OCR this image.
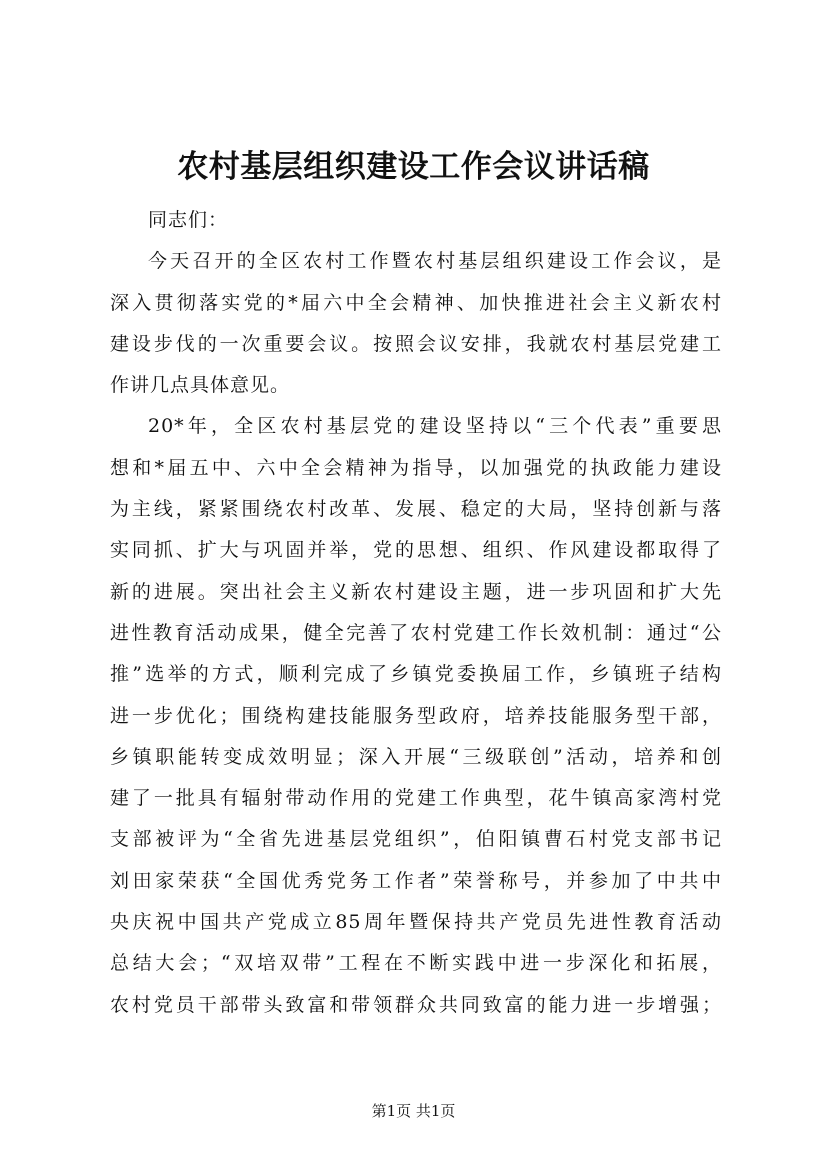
农村基层组织建设工作会议讲话稿
同志们：
今天召开的全区农村工作暨农村基层组织建设工作会议，是
深入贯彻落实党的*届六中全会精神、加快推进社会主义新农村
建设步伐的一次重要会议。按照会议安排，我就农村基层党建工
作讲几点具体意见。
20*年，全区农村基层党的建设坚持以“三个代表”重要思
想和*届五中、六中全会精神为指导，以加强党的执政能力建设
为主线，紧紧围绕农村改革、发展、稳定的大局，坚持创新与落
实同抓、扩大与巩固并举，党的思想、组织、作风建设都取得了
新的进展。突出社会主义新农村建设主题，进一步巩固和扩大先
进性教育活动成果，健全完善了农村党建工作长效机制：通过“公
推”选举的方式，顺利完成了乡镇党委换届工作，乡镇班子结构
进一步优化；围绕构建技能服务型政府，培养技能服务型干部，
乡镇职能转变成效明显；深入开展“三级联创”活动，培养和创
建了一批具有辐射带动作用的党建工作典型，花牛镇高家湾村党
支部被评为“全省先进基层党组织”，伯阳镇曹石村党支部书记
刘田家荣获“全国优秀党务工作者”荣誉称号，并参加了中共中
央庆祝中国共产党成立85周年暨保持共产党员先进性教育活动
总结大会；“双培双带”工程在不断实践中进一步深化和拓展，
农村党员干部带头致富和带领群众共同致富的能力进一步增强；
第1页 共1页
